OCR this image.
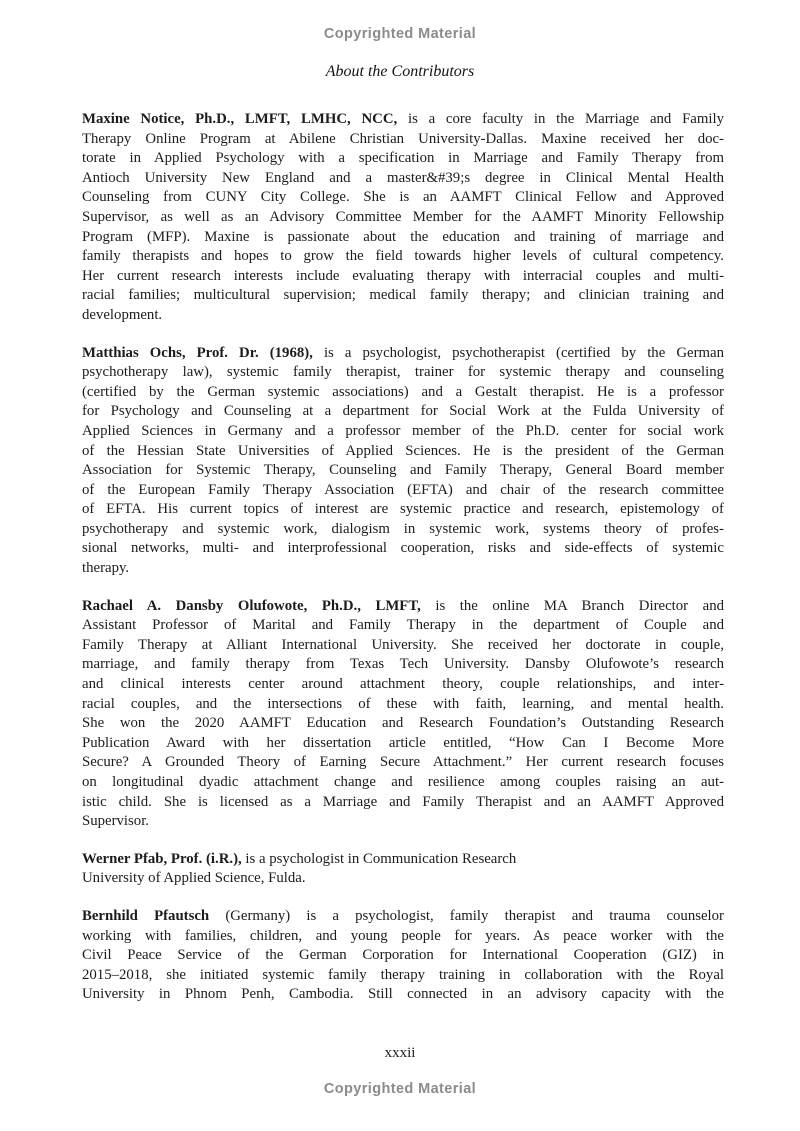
Copyrighted Material
About the Contributors
Maxine Notice, Ph.D., LMFT, LMHC, NCC, is a core faculty in the Marriage and Family
Therapy Online Program at Abilene Christian University-Dallas. Maxine received her doc-
torate in Applied Psychology with a specification in Marriage and Family Therapy from
Antioch University New England and a master&#39;s degree in Clinical Mental Health
Counseling from CUNY City College. She is an AAMFT Clinical Fellow and Approved
Supervisor, as well as an Advisory Committee Member for the AAMFT Minority Fellowship
Program (MFP). Maxine is passionate about the education and training of marriage and
family therapists and hopes to grow the field towards higher levels of cultural competency.
Her current research interests include evaluating therapy with interracial couples and multi-
racial families; multicultural supervision; medical family therapy; and clinician training and
development.
Matthias Ochs, Prof. Dr. (1968), is a psychologist, psychotherapist (certified by the German
psychotherapy law), systemic family therapist, trainer for systemic therapy and counseling
(certified by the German systemic associations) and a Gestalt therapist. He is a professor
for Psychology and Counseling at a department for Social Work at the Fulda University of
Applied Sciences in Germany and a professor member of the Ph.D. center for social work
of the Hessian State Universities of Applied Sciences. He is the president of the German
Association for Systemic Therapy, Counseling and Family Therapy, General Board member
of the European Family Therapy Association (EFTA) and chair of the research committee
of EFTA. His current topics of interest are systemic practice and research, epistemology of
psychotherapy and systemic work, dialogism in systemic work, systems theory of profes-
sional networks, multi- and interprofessional cooperation, risks and side-effects of systemic
therapy.
Rachael A. Dansby Olufowote, Ph.D., LMFT, is the online MA Branch Director and
Assistant Professor of Marital and Family Therapy in the department of Couple and
Family Therapy at Alliant International University. She received her doctorate in couple,
marriage, and family therapy from Texas Tech University. Dansby Olufowote’s research
and clinical interests center around attachment theory, couple relationships, and inter-
racial couples, and the intersections of these with faith, learning, and mental health.
She won the 2020 AAMFT Education and Research Foundation’s Outstanding Research
Publication Award with her dissertation article entitled, “How Can I Become More
Secure? A Grounded Theory of Earning Secure Attachment.” Her current research focuses
on longitudinal dyadic attachment change and resilience among couples raising an aut-
istic child. She is licensed as a Marriage and Family Therapist and an AAMFT Approved
Supervisor.
Werner Pfab, Prof. (i.R.), is a psychologist in Communication Research
University of Applied Science, Fulda.
Bernhild Pfautsch (Germany) is a psychologist, family therapist and trauma counselor
working with families, children, and young people for years. As peace worker with the
Civil Peace Service of the German Corporation for International Cooperation (GIZ) in
2015–2018, she initiated systemic family therapy training in collaboration with the Royal
University in Phnom Penh, Cambodia. Still connected in an advisory capacity with the
xxxii
Copyrighted Material
